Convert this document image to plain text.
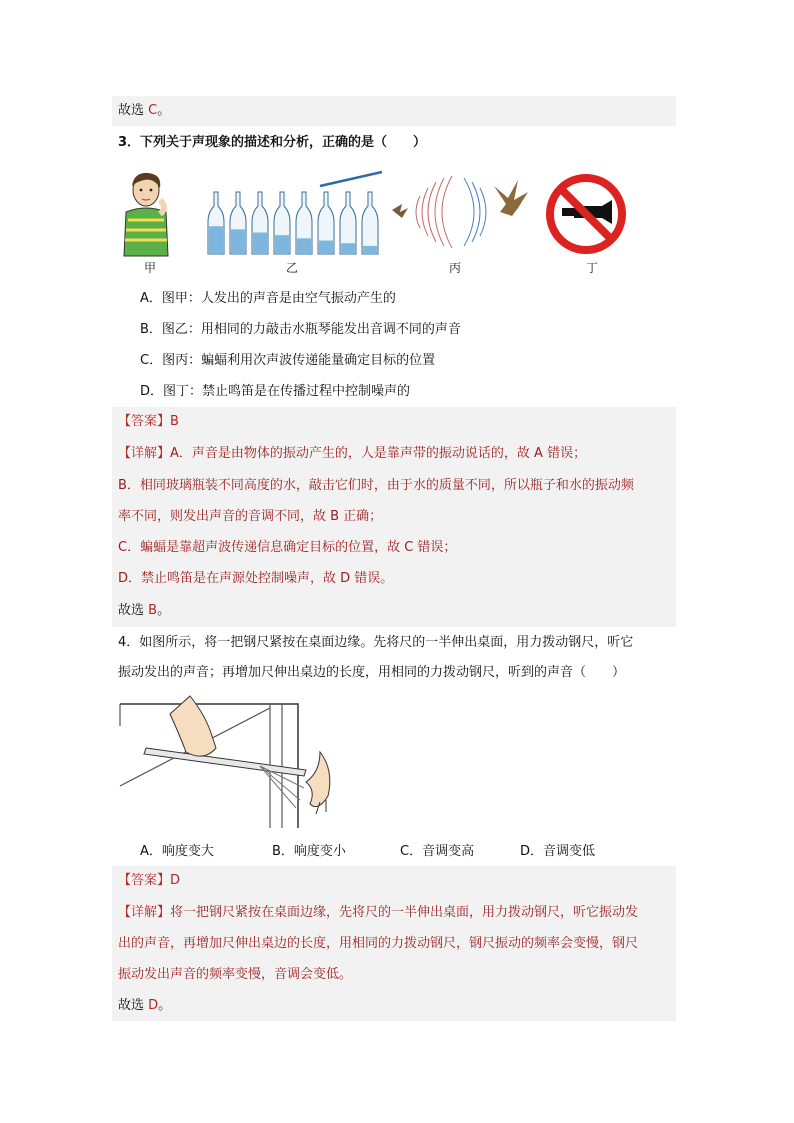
故选 C。
3．下列关于声现象的描述和分析，正确的是（　　）
甲	乙	丙	丁
A．图甲：人发出的声音是由空气振动产生的
B．图乙：用相同的力敲击水瓶琴能发出音调不同的声音
C．图丙：蝙蝠利用次声波传递能量确定目标的位置
D．图丁：禁止鸣笛是在传播过程中控制噪声的
【答案】B
【详解】A．声音是由物体的振动产生的，人是靠声带的振动说话的，故 A 错误；
B．相同玻璃瓶装不同高度的水，敲击它们时，由于水的质量不同，所以瓶子和水的振动频
率不同，则发出声音的音调不同，故 B 正确；
C．蝙蝠是靠超声波传递信息确定目标的位置，故 C 错误；
D．禁止鸣笛是在声源处控制噪声，故 D 错误。
故选 B。
4．如图所示，将一把钢尺紧按在桌面边缘。先将尺的一半伸出桌面，用力拨动钢尺，听它
振动发出的声音；再增加尺伸出桌边的长度，用相同的力拨动钢尺，听到的声音（　　）
A．响度变大	B．响度变小	C．音调变高	D．音调变低
【答案】D
【详解】将一把钢尺紧按在桌面边缘，先将尺的一半伸出桌面，用力拨动钢尺，听它振动发
出的声音，再增加尺伸出桌边的长度，用相同的力拨动钢尺，钢尺振动的频率会变慢，钢尺
振动发出声音的频率变慢，音调会变低。
故选 D。
